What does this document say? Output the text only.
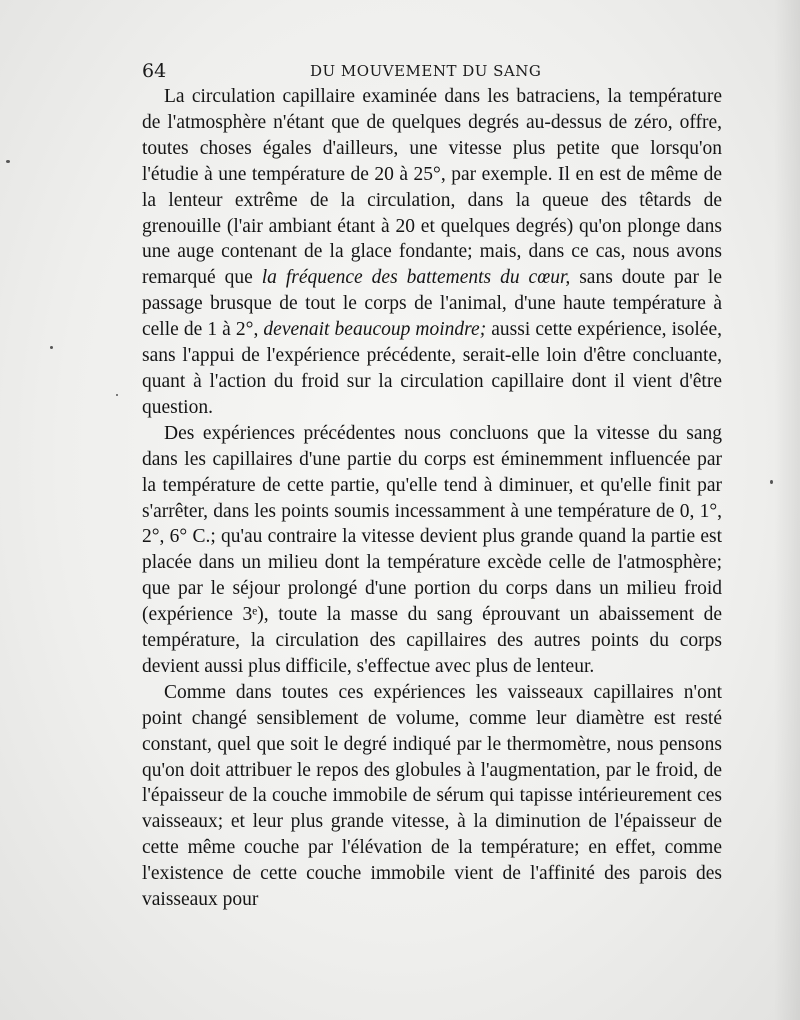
64	DU MOUVEMENT DU SANG

La circulation capillaire examinée dans les batraciens, la température de l'atmosphère n'étant que de quelques degrés au-dessus de zéro, offre, toutes choses égales d'ailleurs, une vitesse plus petite que lorsqu'on l'étudie à une température de 20 à 25°, par exemple. Il en est de même de la lenteur extrême de la circulation, dans la queue des têtards de grenouille (l'air ambiant étant à 20 et quelques degrés) qu'on plonge dans une auge contenant de la glace fondante; mais, dans ce cas, nous avons remarqué que la fréquence des battements du cœur, sans doute par le passage brusque de tout le corps de l'animal, d'une haute température à celle de 1 à 2°, devenait beaucoup moindre; aussi cette expérience, isolée, sans l'appui de l'expérience précédente, serait-elle loin d'être concluante, quant à l'action du froid sur la circulation capillaire dont il vient d'être question.

Des expériences précédentes nous concluons que la vitesse du sang dans les capillaires d'une partie du corps est éminemment influencée par la température de cette partie, qu'elle tend à diminuer, et qu'elle finit par s'arrêter, dans les points soumis incessamment à une température de 0, 1°, 2°, 6° C.; qu'au contraire la vitesse devient plus grande quand la partie est placée dans un milieu dont la température excède celle de l'atmosphère; que par le séjour prolongé d'une portion du corps dans un milieu froid (expérience 3ᵉ), toute la masse du sang éprouvant un abaissement de température, la circulation des capillaires des autres points du corps devient aussi plus difficile, s'effectue avec plus de lenteur.

Comme dans toutes ces expériences les vaisseaux capillaires n'ont point changé sensiblement de volume, comme leur diamètre est resté constant, quel que soit le degré indiqué par le thermomètre, nous pensons qu'on doit attribuer le repos des globules à l'augmentation, par le froid, de l'épaisseur de la couche immobile de sérum qui tapisse intérieurement ces vaisseaux; et leur plus grande vitesse, à la diminution de l'épaisseur de cette même couche par l'élévation de la température; en effet, comme l'existence de cette couche immobile vient de l'affinité des parois des vaisseaux pour
